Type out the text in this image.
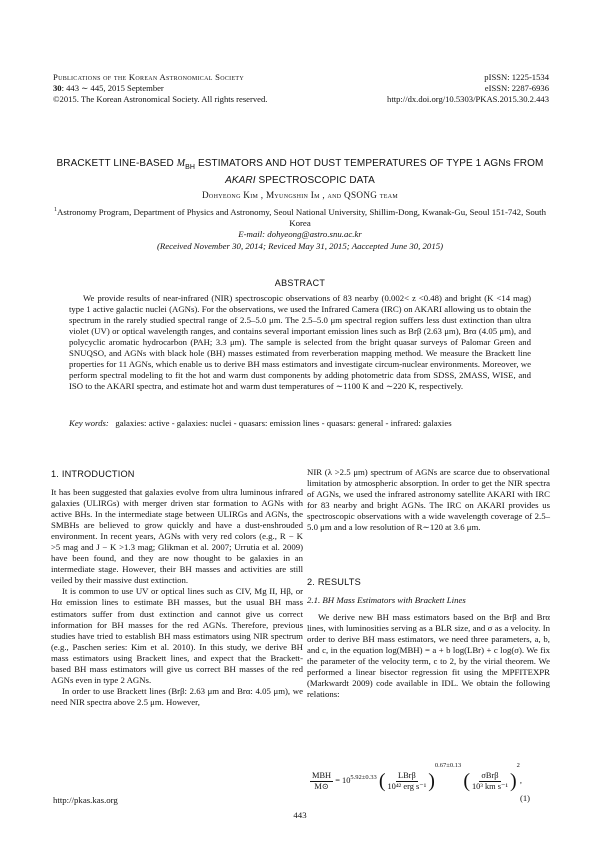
Publications of the Korean Astronomical Society
30: 443 ∼ 445, 2015 September
©2015. The Korean Astronomical Society. All rights reserved.
pISSN: 1225-1534
eISSN: 2287-6936
http://dx.doi.org/10.5303/PKAS.2015.30.2.443
BRACKETT LINE-BASED $M_{BH}$ ESTIMATORS AND HOT DUST TEMPERATURES OF TYPE 1 AGNs FROM
AKARI SPECTROSCOPIC DATA
Dohyeong Kim , Myungshin Im , and QSONG team
$^1$Astronomy Program, Department of Physics and Astronomy, Seoul National University, Shillim-Dong, Kwanak-Gu, Seoul 151-742, South Korea
E-mail: dohyeong@astro.snu.ac.kr
(Received November 30, 2014; Reviced May 31, 2015; Aaccepted June 30, 2015)
ABSTRACT
We provide results of near-infrared (NIR) spectroscopic observations of 83 nearby (0.002< z <0.48) and bright (K <14 mag) type 1 active galactic nuclei (AGNs). For the observations, we used the Infrared Camera (IRC) on AKARI allowing us to obtain the spectrum in the rarely studied spectral range of 2.5–5.0 μm. The 2.5–5.0 μm spectral region suffers less dust extinction than ultra violet (UV) or optical wavelength ranges, and contains several important emission lines such as Brβ (2.63 μm), Brα (4.05 μm), and polycyclic aromatic hydrocarbon (PAH; 3.3 μm). The sample is selected from the bright quasar surveys of Palomar Green and SNUQSO, and AGNs with black hole (BH) masses estimated from reverberation mapping method. We measure the Brackett line properties for 11 AGNs, which enable us to derive BH mass estimators and investigate circum-nuclear environments. Moreover, we perform spectral modeling to fit the hot and warm dust components by adding photometric data from SDSS, 2MASS, WISE, and ISO to the AKARI spectra, and estimate hot and warm dust temperatures of ∼1100 K and ∼220 K, respectively.
Key words: galaxies: active - galaxies: nuclei - quasars: emission lines - quasars: general - infrared: galaxies
1. INTRODUCTION

It has been suggested that galaxies evolve from ultra luminous infrared galaxies (ULIRGs) with merger driven star formation to AGNs with active BHs. In the intermediate stage between ULIRGs and AGNs, the SMBHs are believed to grow quickly and have a dust-enshrouded environment. In recent years, AGNs with very red colors (e.g., R − K >5 mag and J − K >1.3 mag; Glikman et al. 2007; Urrutia et al. 2009) have been found, and they are now thought to be galaxies in an intermediate stage. However, their BH masses and activities are still veiled by their massive dust extinction.

It is common to use UV or optical lines such as CIV, Mg II, Hβ, or Hα emission lines to estimate BH masses, but the usual BH mass estimators suffer from dust extinction and cannot give us correct information for BH masses for the red AGNs. Therefore, previous studies have tried to establish BH mass estimators using NIR spectrum (e.g., Paschen series: Kim et al. 2010). In this study, we derive BH mass estimators using Brackett lines, and expect that the Brackett-based BH mass estimators will give us correct BH masses of the red AGNs even in type 2 AGNs.

In order to use Brackett lines (Brβ: 2.63 μm and Brα: 4.05 μm), we need NIR spectra above 2.5 μm. However,

NIR (λ >2.5 μm) spectrum of AGNs are scarce due to observational limitation by atmospheric absorption. In order to get the NIR spectra of AGNs, we used the infrared astronomy satellite AKARI with IRC for 83 nearby and bright AGNs. The IRC on AKARI provides us spectroscopic observations with a wide wavelength coverage of 2.5–5.0 μm and a low resolution of R∼120 at 3.6 μm.

2. RESULTS
2.1. BH Mass Estimators with Brackett Lines

We derive new BH mass estimators based on the Brβ and Brα lines, with luminosities serving as a BLR size, and σ as a velocity. In order to derive BH mass estimators, we need three parameters, a, b, and c, in the equation log(MBH) = a + b log(LBr) + c log(σ). We fix the parameter of the velocity term, c to 2, by the virial theorem. We performed a linear bisector regression fit using the MPFITEXPR (Markwardt 2009) code available in IDL. We obtain the following relations:

$\frac{\text{MBH}}{M⊙} = 10^{5.92\pm 0.33}$ ( $\frac{\text{LBrβ}}{\text{10⁴² erg s⁻¹}} )^{0.67\pm 0.13}$ ( $\frac{\text{σBrβ}}{\text{10³ km s⁻¹}} )^2$,
(1)
http://pkas.kas.org
443
